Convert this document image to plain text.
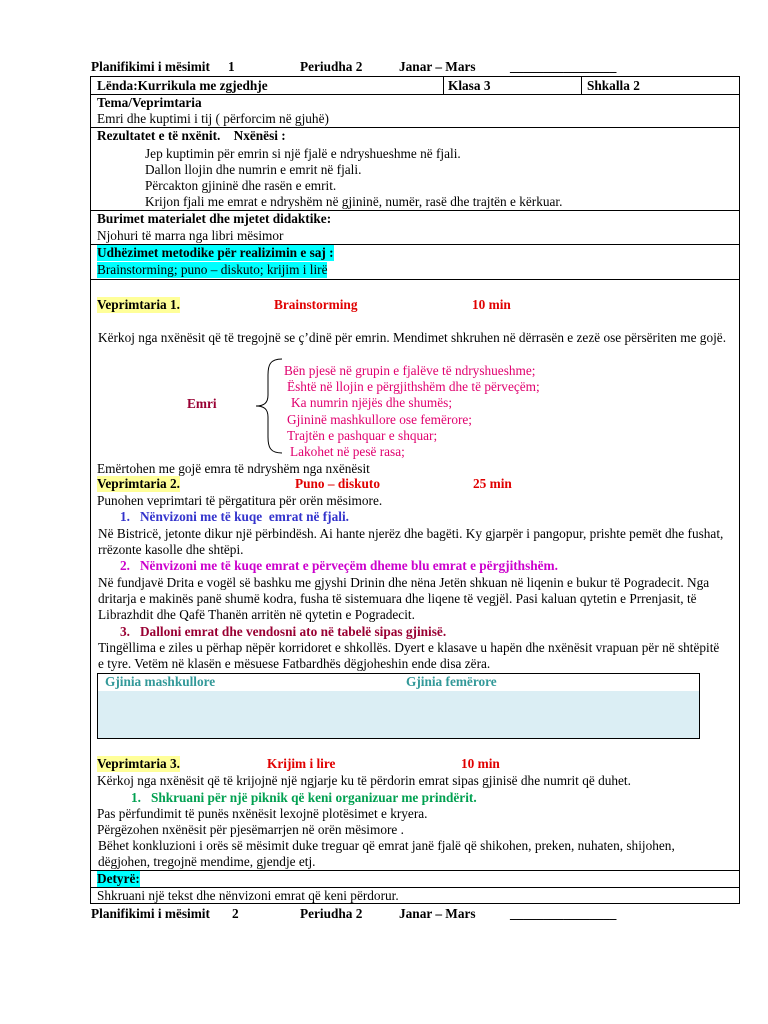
Planifikimi i mësimit 1	Periudha 2	Janar – Mars	________________
Lënda:Kurrikula me zgjedhje	Klasa 3	Shkalla 2
Tema/Veprimtaria
Emri dhe kuptimi i tij ( përforcim në gjuhë)
Rezultatet e të nxënit.    Nxënësi :
Jep kuptimin për emrin si një fjalë e ndryshueshme në fjali.
Dallon llojin dhe numrin e emrit në fjali.
Përcakton gjininë dhe rasën e emrit.
Krijon fjali me emrat e ndryshëm në gjininë, numër, rasë dhe trajtën e kërkuar.
Burimet materialet dhe mjetet didaktike:
Njohuri të marra nga libri mësimor
Udhëzimet metodike për realizimin e saj :
Brainstorming; puno – diskuto; krijim i lirë
Veprimtaria 1.	Brainstorming	10 min
Kërkoj nga nxënësit që të tregojnë se ҫ’dinë për emrin. Mendimet shkruhen në dërrasën e zezë ose përsëriten me gojë.
Emri
Bën pjesë në grupin e fjalëve të ndryshueshme;
Është në llojin e përgjithshëm dhe të përveçëm;
Ka numrin njëjës dhe shumës;
Gjininë mashkullore ose femërore;
Trajtën e pashquar e shquar;
Lakohet në pesë rasa;
Emërtohen me gojë emra të ndryshëm nga nxënësit
Veprimtaria 2.	Puno – diskuto	25 min
Punohen veprimtari të përgatitura për orën mësimore.
1.   Nënvizoni me të kuqe  emrat në fjali.
Në Bistricë, jetonte dikur një përbindësh. Ai hante njerëz dhe bagëti. Ky gjarpër i pangopur, prishte pemët dhe fushat, rrëzonte kasolle dhe shtëpi.
2.   Nënvizoni me të kuqe emrat e përveçëm dheme blu emrat e përgjithshëm.
Në fundjavë Drita e vogël së bashku me gjyshi Drinin dhe nëna Jetën shkuan në liqenin e bukur të Pogradecit. Nga dritarja e makinës panë shumë kodra, fusha të sistemuara dhe liqene të vegjël. Pasi kaluan qytetin e Prrenjasit, të Librazhdit dhe Qafë Thanën arritën në qytetin e Pogradecit.
3.   Dalloni emrat dhe vendosni ato në tabelë sipas gjinisë.
Tingëllima e ziles u përhap nëpër korridoret e shkollës. Dyert e klasave u hapën dhe nxënësit vrapuan për në shtëpitë e tyre. Vetëm në klasën e mësuese Fatbardhës dëgjoheshin ende disa zëra.
Gjinia mashkullore	Gjinia femërore
Veprimtaria 3.	Krijim i lire	10 min
Kërkoj nga nxënësit që të krijojnë një ngjarje ku të përdorin emrat sipas gjinisë dhe numrit që duhet.
1.   Shkruani për një piknik që keni organizuar me prindërit.
Pas përfundimit të punës nxënësit lexojnë plotësimet e kryera.
Përgëzohen nxënësit për pjesëmarrjen në orën mësimore .
Bëhet konkluzioni i orës së mësimit duke treguar që emrat janë fjalë që shikohen, preken, nuhaten, shijohen, dëgjohen, tregojnë mendime, gjendje etj.
Detyrë:
Shkruani një tekst dhe nënvizoni emrat që keni përdorur.
Planifikimi i mësimit 2	Periudha 2	Janar – Mars	________________
